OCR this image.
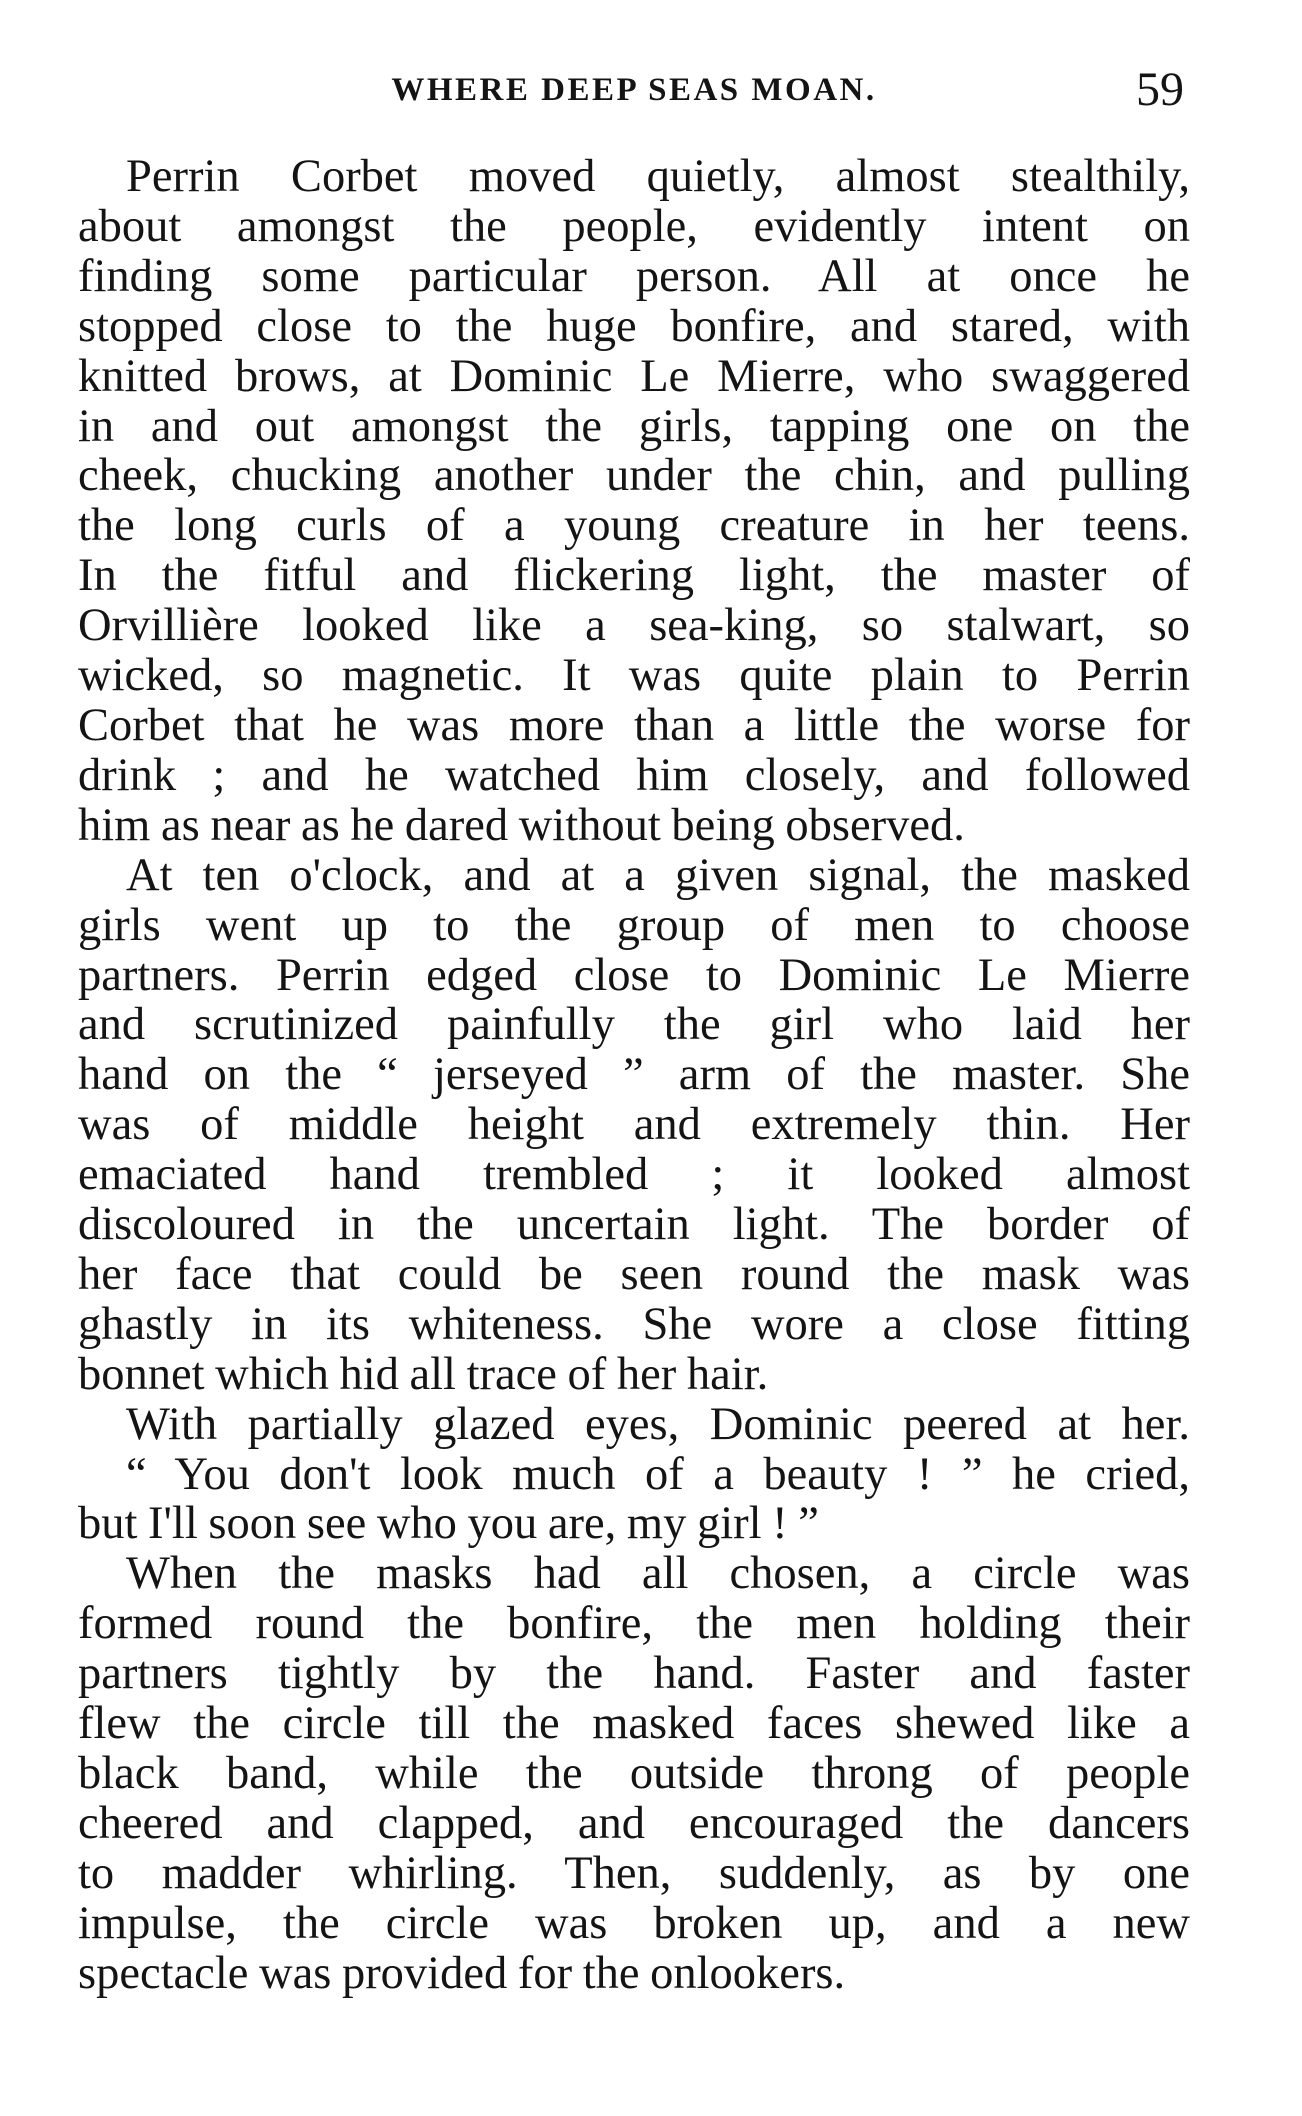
WHERE DEEP SEAS MOAN.	59

Perrin Corbet moved quietly, almost stealthily,
about amongst the people, evidently intent on
finding some particular person. All at once he
stopped close to the huge bonfire, and stared, with
knitted brows, at Dominic Le Mierre, who swaggered
in and out amongst the girls, tapping one on the
cheek, chucking another under the chin, and pulling
the long curls of a young creature in her teens.
In the fitful and flickering light, the master of
Orvillière looked like a sea-king, so stalwart, so
wicked, so magnetic. It was quite plain to Perrin
Corbet that he was more than a little the worse for
drink ; and he watched him closely, and followed
him as near as he dared without being observed.

At ten o'clock, and at a given signal, the masked
girls went up to the group of men to choose
partners. Perrin edged close to Dominic Le Mierre
and scrutinized painfully the girl who laid her
hand on the “ jerseyed ” arm of the master. She
was of middle height and extremely thin. Her
emaciated hand trembled ; it looked almost
discoloured in the uncertain light. The border of
her face that could be seen round the mask was
ghastly in its whiteness. She wore a close fitting
bonnet which hid all trace of her hair.

With partially glazed eyes, Dominic peered at her.

“ You don't look much of a beauty ! ” he cried,
but I'll soon see who you are, my girl ! ”

When the masks had all chosen, a circle was
formed round the bonfire, the men holding their
partners tightly by the hand. Faster and faster
flew the circle till the masked faces shewed like a
black band, while the outside throng of people
cheered and clapped, and encouraged the dancers
to madder whirling. Then, suddenly, as by one
impulse, the circle was broken up, and a new
spectacle was provided for the onlookers.
